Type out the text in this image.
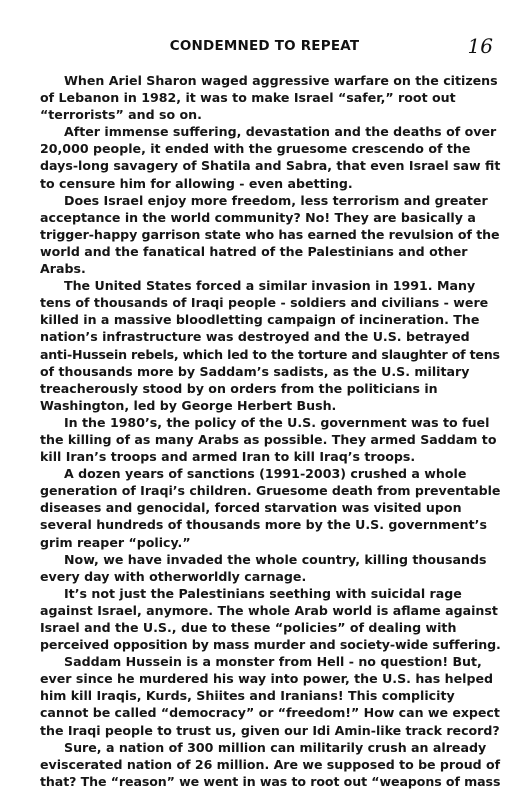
CONDEMNED TO REPEAT	16
When Ariel Sharon waged aggressive warfare on the citizens
of Lebanon in 1982, it was to make Israel “safer,” root out
“terrorists” and so on.
After immense suffering, devastation and the deaths of over
20,000 people, it ended with the gruesome crescendo of the
days-long savagery of Shatila and Sabra, that even Israel saw fit
to censure him for allowing - even abetting.
Does Israel enjoy more freedom, less terrorism and greater
acceptance in the world community? No! They are basically a
trigger-happy garrison state who has earned the revulsion of the
world and the fanatical hatred of the Palestinians and other
Arabs.
The United States forced a similar invasion in 1991. Many
tens of thousands of Iraqi people - soldiers and civilians - were
killed in a massive bloodletting campaign of incineration. The
nation’s infrastructure was destroyed and the U.S. betrayed
anti-Hussein rebels, which led to the torture and slaughter of tens
of thousands more by Saddam’s sadists, as the U.S. military
treacherously stood by on orders from the politicians in
Washington, led by George Herbert Bush.
In the 1980’s, the policy of the U.S. government was to fuel
the killing of as many Arabs as possible. They armed Saddam to
kill Iran’s troops and armed Iran to kill Iraq’s troops.
A dozen years of sanctions (1991-2003) crushed a whole
generation of Iraqi’s children. Gruesome death from preventable
diseases and genocidal, forced starvation was visited upon
several hundreds of thousands more by the U.S. government’s
grim reaper “policy.”
Now, we have invaded the whole country, killing thousands
every day with otherworldly carnage.
It’s not just the Palestinians seething with suicidal rage
against Israel, anymore. The whole Arab world is aflame against
Israel and the U.S., due to these “policies” of dealing with
perceived opposition by mass murder and society-wide suffering.
Saddam Hussein is a monster from Hell - no question! But,
ever since he murdered his way into power, the U.S. has helped
him kill Iraqis, Kurds, Shiites and Iranians! This complicity
cannot be called “democracy” or “freedom!” How can we expect
the Iraqi people to trust us, given our Idi Amin-like track record?
Sure, a nation of 300 million can militarily crush an already
eviscerated nation of 26 million. Are we supposed to be proud of
that? The “reason” we went in was to root out “weapons of mass
